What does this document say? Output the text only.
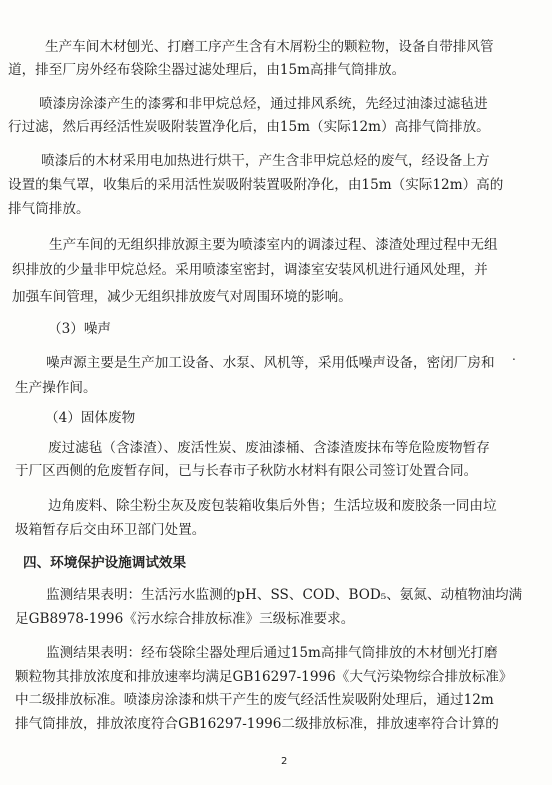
生产车间木材刨光、打磨工序产生含有木屑粉尘的颗粒物，设备自带排风管
道，排至厂房外经布袋除尘器过滤处理后，由15m高排气筒排放。
喷漆房涂漆产生的漆雾和非甲烷总烃，通过排风系统，先经过油漆过滤毡进
行过滤，然后再经活性炭吸附装置净化后，由15m（实际12m）高排气筒排放。
喷漆后的木材采用电加热进行烘干，产生含非甲烷总烃的废气，经设备上方
设置的集气罩，收集后的采用活性炭吸附装置吸附净化，由15m（实际12m）高的
排气筒排放。
生产车间的无组织排放源主要为喷漆室内的调漆过程、漆渣处理过程中无组
织排放的少量非甲烷总烃。采用喷漆室密封，调漆室安装风机进行通风处理，并
加强车间管理，减少无组织排放废气对周围环境的影响。
（3）噪声
.
噪声源主要是生产加工设备、水泵、风机等，采用低噪声设备，密闭厂房和
生产操作间。
（4）固体废物
废过滤毡（含漆渣）、废活性炭、废油漆桶、含漆渣废抹布等危险废物暂存
于厂区西侧的危废暂存间，已与长春市子秋防水材料有限公司签订处置合同。
边角废料、除尘粉尘灰及废包装箱收集后外售；生活垃圾和废胶条一同由垃
圾箱暂存后交由环卫部门处置。
四、环境保护设施调试效果
监测结果表明：生活污水监测的pH、SS、COD、BOD₅、氨氮、动植物油均满
足GB8978-1996《污水综合排放标准》三级标准要求。
监测结果表明：经布袋除尘器处理后通过15m高排气筒排放的木材刨光打磨
颗粒物其排放浓度和排放速率均满足GB16297-1996《大气污染物综合排放标准》
中二级排放标准。喷漆房涂漆和烘干产生的废气经活性炭吸附处理后，通过12m
排气筒排放，排放浓度符合GB16297-1996二级排放标准，排放速率符合计算的
2
